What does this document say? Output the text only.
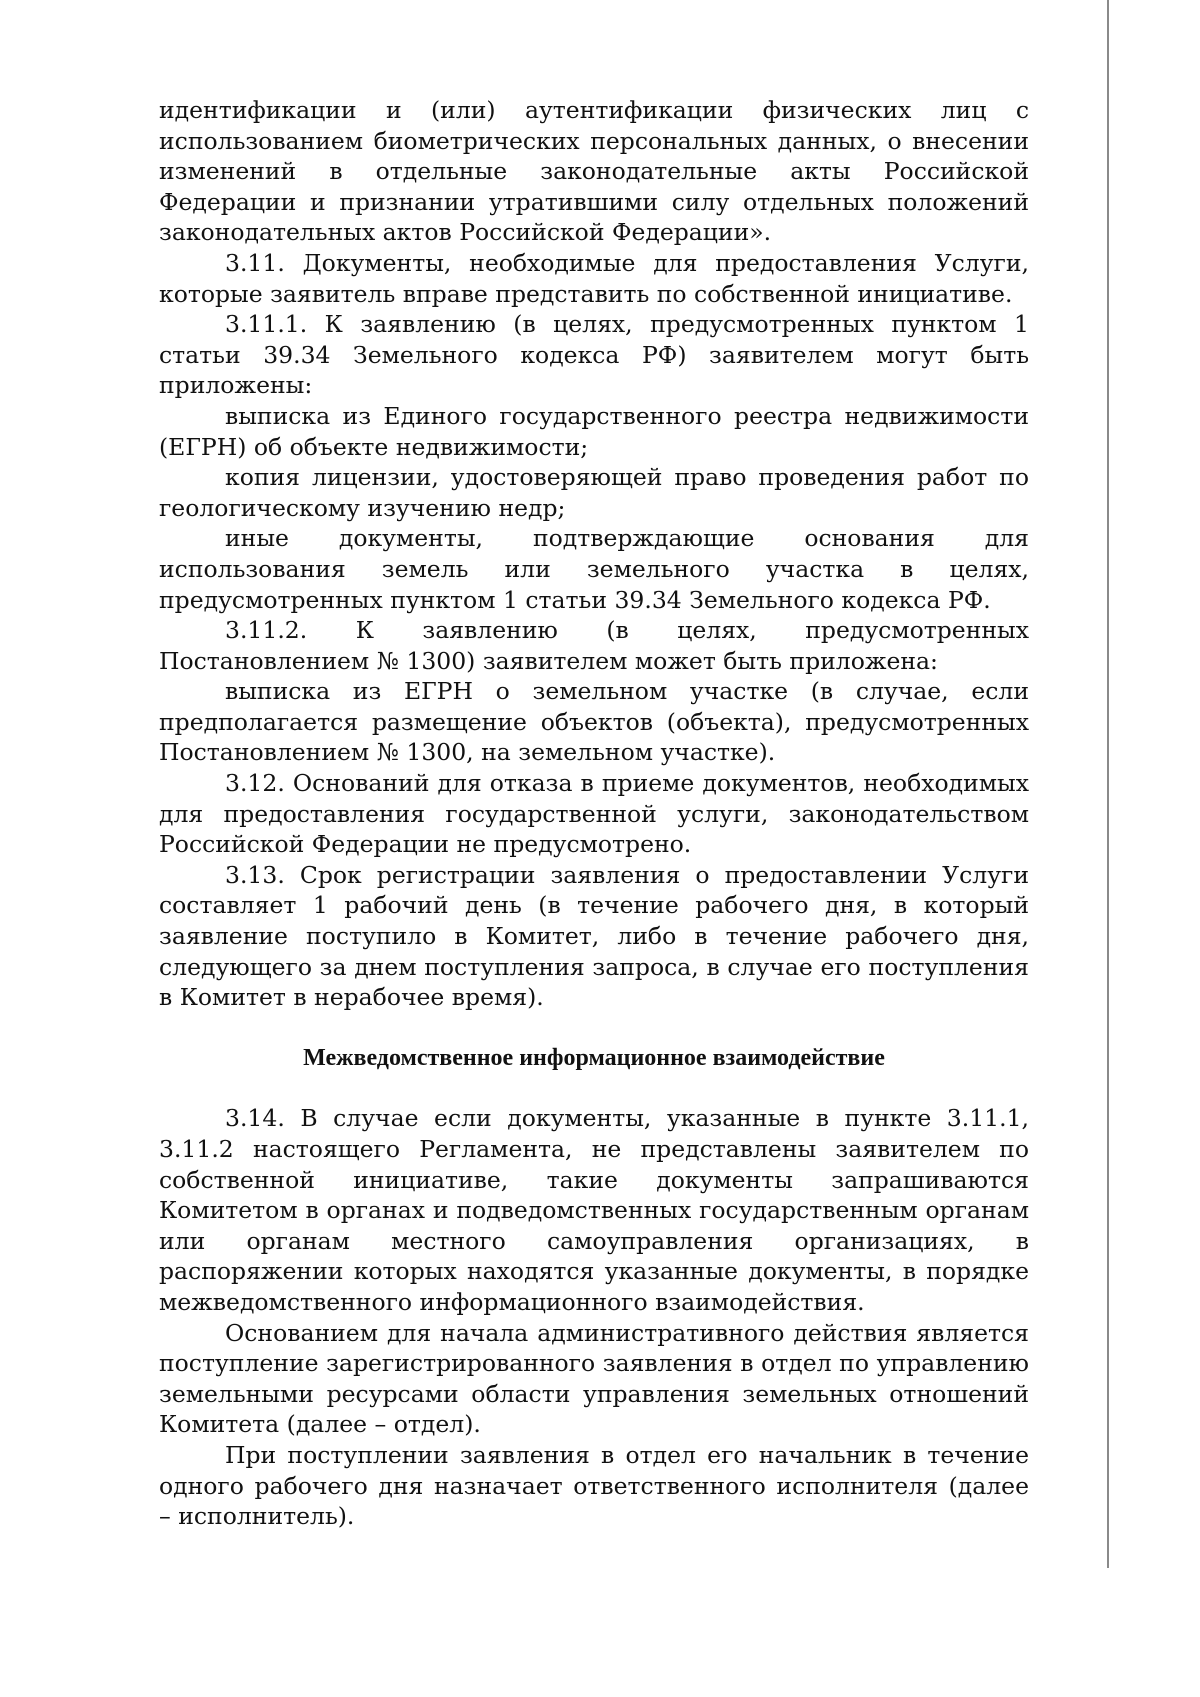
идентификации и (или) аутентификации физических лиц с использованием биометрических персональных данных, о внесении изменений в отдельные законодательные акты Российской Федерации и признании утратившими силу отдельных положений законодательных актов Российской Федерации».

3.11. Документы, необходимые для предоставления Услуги, которые заявитель вправе представить по собственной инициативе.

3.11.1. К заявлению (в целях, предусмотренных пунктом 1 статьи 39.34 Земельного кодекса РФ) заявителем могут быть приложены:

выписка из Единого государственного реестра недвижимости (ЕГРН) об объекте недвижимости;

копия лицензии, удостоверяющей право проведения работ по геологическому изучению недр;

иные документы, подтверждающие основания для использования земель или земельного участка в целях, предусмотренных пунктом 1 статьи 39.34 Земельного кодекса РФ.

3.11.2. К заявлению (в целях, предусмотренных Постановлением № 1300) заявителем может быть приложена:

выписка из ЕГРН о земельном участке (в случае, если предполагается размещение объектов (объекта), предусмотренных Постановлением № 1300, на земельном участке).

3.12. Оснований для отказа в приеме документов, необходимых для предоставления государственной услуги, законодательством Российской Федерации не предусмотрено.

3.13. Срок регистрации заявления о предоставлении Услуги составляет 1 рабочий день (в течение рабочего дня, в который заявление поступило в Комитет, либо в течение рабочего дня, следующего за днем поступления запроса, в случае его поступления в Комитет в нерабочее время).

Межведомственное информационное взаимодействие

3.14. В случае если документы, указанные в пункте 3.11.1, 3.11.2 настоящего Регламента, не представлены заявителем по собственной инициативе, такие документы запрашиваются Комитетом в органах и подведомственных государственным органам или органам местного самоуправления организациях, в распоряжении которых находятся указанные документы, в порядке межведомственного информационного взаимодействия.

Основанием для начала административного действия является поступление зарегистрированного заявления в отдел по управлению земельными ресурсами области управления земельных отношений Комитета (далее – отдел).

При поступлении заявления в отдел его начальник в течение одного рабочего дня назначает ответственного исполнителя (далее – исполнитель).
